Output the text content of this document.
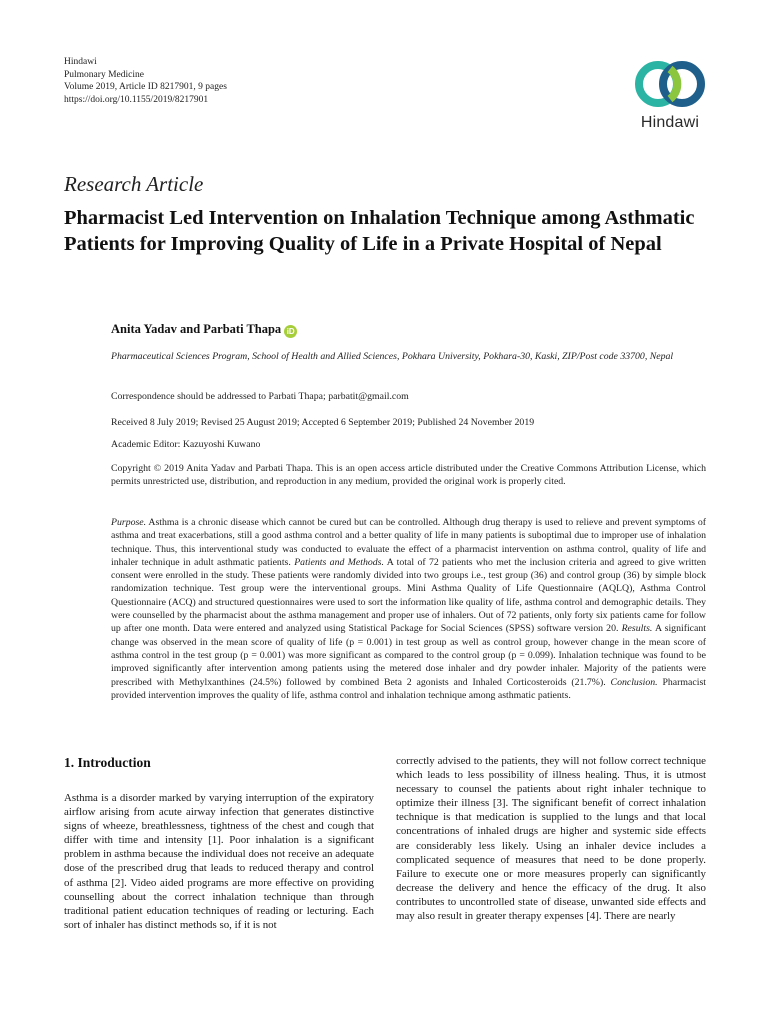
Hindawi
Pulmonary Medicine
Volume 2019, Article ID 8217901, 9 pages
https://doi.org/10.1155/2019/8217901
Hindawi
Research Article
Pharmacist Led Intervention on Inhalation Technique among Asthmatic Patients for Improving Quality of Life in a Private Hospital of Nepal
Anita Yadav and Parbati Thapa iD
Pharmaceutical Sciences Program, School of Health and Allied Sciences, Pokhara University, Pokhara-30, Kaski, ZIP/Post code 33700, Nepal
Correspondence should be addressed to Parbati Thapa; parbatit@gmail.com
Received 8 July 2019; Revised 25 August 2019; Accepted 6 September 2019; Published 24 November 2019
Academic Editor: Kazuyoshi Kuwano
Copyright © 2019 Anita Yadav and Parbati Thapa. This is an open access article distributed under the Creative Commons Attribution License, which permits unrestricted use, distribution, and reproduction in any medium, provided the original work is properly cited.
Purpose. Asthma is a chronic disease which cannot be cured but can be controlled. Although drug therapy is used to relieve and prevent symptoms of asthma and treat exacerbations, still a good asthma control and a better quality of life in many patients is suboptimal due to improper use of inhalation technique. Thus, this interventional study was conducted to evaluate the effect of a pharmacist intervention on asthma control, quality of life and inhaler technique in adult asthmatic patients. Patients and Methods. A total of 72 patients who met the inclusion criteria and agreed to give written consent were enrolled in the study. These patients were randomly divided into two groups i.e., test group (36) and control group (36) by simple block randomization technique. Test group were the interventional groups. Mini Asthma Quality of Life Questionnaire (AQLQ), Asthma Control Questionnaire (ACQ) and structured questionnaires were used to sort the information like quality of life, asthma control and demographic details. They were counselled by the pharmacist about the asthma management and proper use of inhalers. Out of 72 patients, only forty six patients came for follow up after one month. Data were entered and analyzed using Statistical Package for Social Sciences (SPSS) software version 20. Results. A significant change was observed in the mean score of quality of life (p = 0.001) in test group as well as control group, however change in the mean score of asthma control in the test group (p = 0.001) was more significant as compared to the control group (p = 0.099). Inhalation technique was found to be improved significantly after intervention among patients using the metered dose inhaler and dry powder inhaler. Majority of the patients were prescribed with Methylxanthines (24.5%) followed by combined Beta 2 agonists and Inhaled Corticosteroids (21.7%). Conclusion. Pharmacist provided intervention improves the quality of life, asthma control and inhalation technique among asthmatic patients.
1. Introduction

Asthma is a disorder marked by varying interruption of the expiratory airflow arising from acute airway infection that generates distinctive signs of wheeze, breathlessness, tightness of the chest and cough that differ with time and intensity [1]. Poor inhalation is a significant problem in asthma because the individual does not receive an adequate dose of the prescribed drug that leads to reduced therapy and control of asthma [2]. Video aided programs are more effective on providing counselling about the correct inhalation technique than through traditional patient education techniques of reading or lecturing. Each sort of inhaler has distinct methods so, if it is not

correctly advised to the patients, they will not follow correct technique which leads to less possibility of illness healing. Thus, it is utmost necessary to counsel the patients about right inhaler technique to optimize their illness [3]. The significant benefit of correct inhalation technique is that medication is supplied to the lungs and that local concentrations of inhaled drugs are higher and systemic side effects are considerably less likely. Using an inhaler device includes a complicated sequence of measures that need to be done properly. Failure to execute one or more measures properly can significantly decrease the delivery and hence the efficacy of the drug. It also contributes to uncontrolled state of disease, unwanted side effects and may also result in greater therapy expenses [4]. There are nearly
